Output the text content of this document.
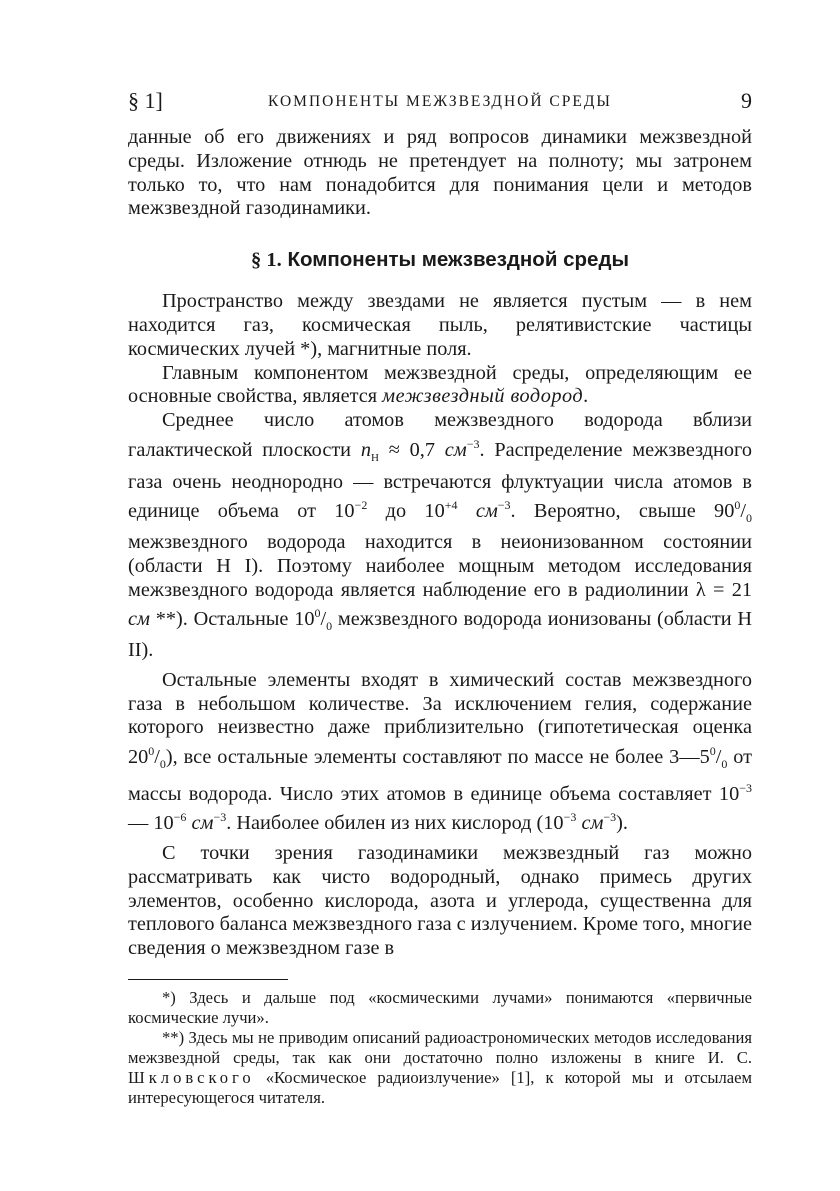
§ 1]	КОМПОНЕНТЫ МЕЖЗВЕЗДНОЙ СРЕДЫ	9

данные об его движениях и ряд вопросов динамики межзвездной среды. Изложение отнюдь не претендует на полноту; мы затронем только то, что нам понадобится для понимания цели и методов межзвездной газодинамики.

§ 1. Компоненты межзвездной среды

Пространство между звездами не является пустым — в нем находится газ, космическая пыль, релятивистские частицы космических лучей *), магнитные поля.

Главным компонентом межзвездной среды, определяющим ее основные свойства, является межзвездный водород.

Среднее число атомов межзвездного водорода вблизи галактической плоскости $n_H \approx 0,7$ $см^{-3}$. Распределение межзвездного газа очень неоднородно — встречаются флуктуации числа атомов в единице объема от $10^{-2}$ до $10^{+4}$ $см^{-3}$. Вероятно, свыше $90^0/_0$ межзвездного водорода находится в неионизованном состоянии (области H I). Поэтому наиболее мощным методом исследования межзвездного водорода является наблюдение его в радиолинии λ = 21 см **). Остальные $10^0/_0$ межзвездного водорода ионизованы (области H II).

Остальные элементы входят в химический состав межзвездного газа в небольшом количестве. За исключением гелия, содержание которого неизвестно даже приблизительно (гипотетическая оценка $20^0/_0$), все остальные элементы составляют по массе не более $3—5^0/_0$ от массы водорода. Число этих атомов в единице объема составляет $10^{-3}$ — $10^{-6}$ $см^{-3}$. Наиболее обилен из них кислород ($10^{-3}$ $см^{-3}$).

С точки зрения газодинамики межзвездный газ можно рассматривать как чисто водородный, однако примесь других элементов, особенно кислорода, азота и углерода, существенна для теплового баланса межзвездного газа с излучением. Кроме того, многие сведения о межзвездном газе в

*) Здесь и дальше под «космическими лучами» понимаются «первичные космические лучи».

**) Здесь мы не приводим описаний радиоастрономических методов исследования межзвездной среды, так как они достаточно полно изложены в книге И. С. Шкловского «Космическое радиоизлучение» [1], к которой мы и отсылаем интересующегося читателя.
